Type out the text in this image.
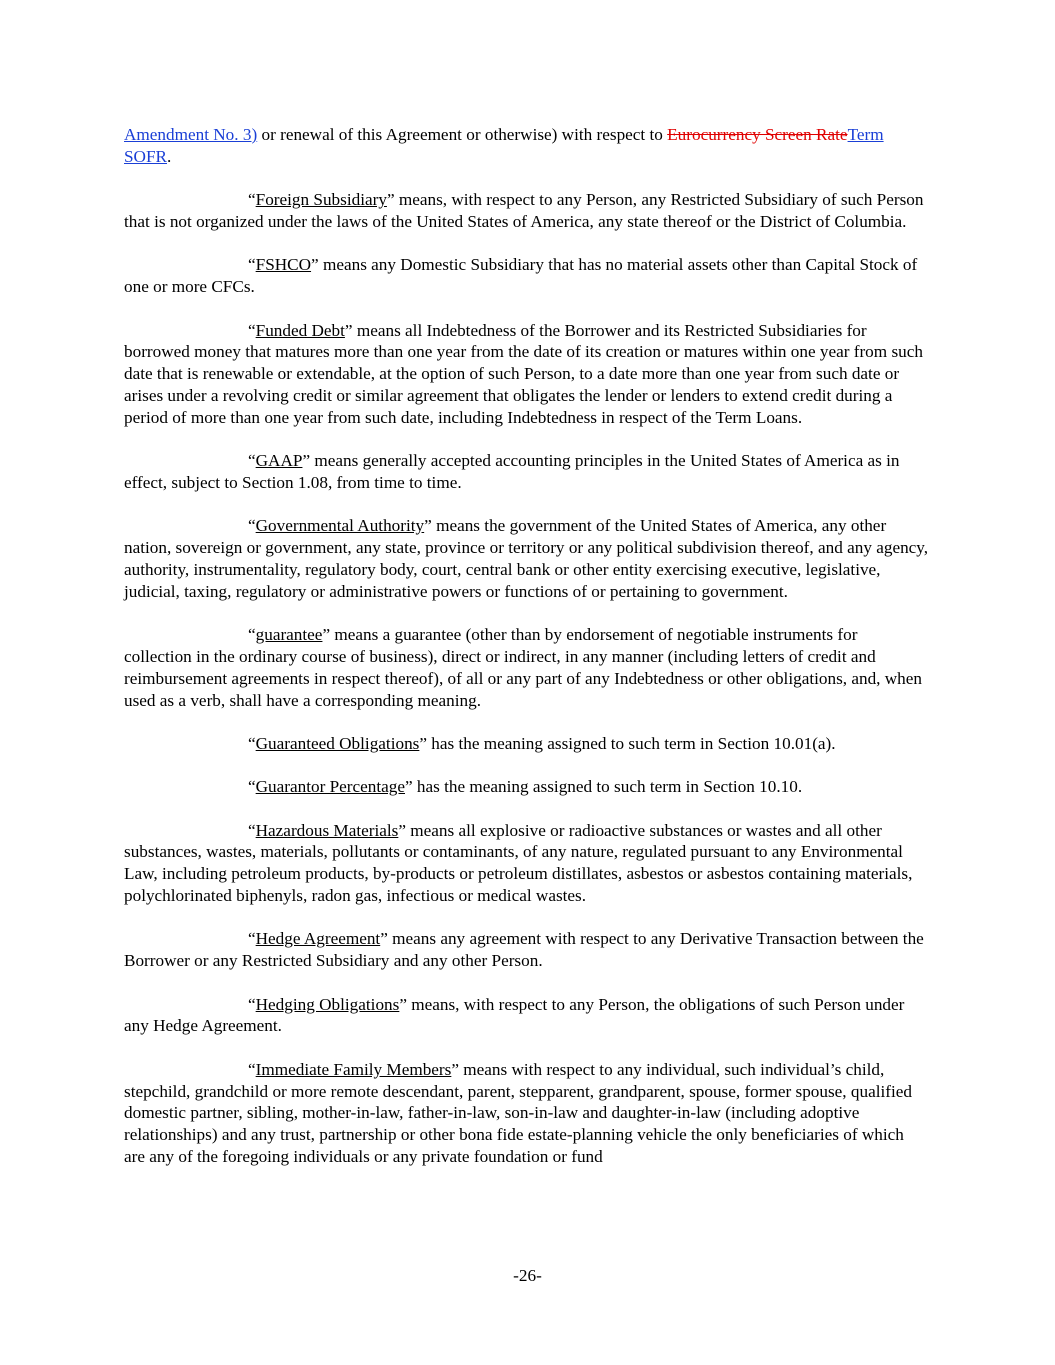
Amendment No. 3) or renewal of this Agreement or otherwise) with respect to Eurocurrency Screen RateTerm SOFR.

“Foreign Subsidiary” means, with respect to any Person, any Restricted Subsidiary of such Person that is not organized under the laws of the United States of America, any state thereof or the District of Columbia.

“FSHCO” means any Domestic Subsidiary that has no material assets other than Capital Stock of one or more CFCs.

“Funded Debt” means all Indebtedness of the Borrower and its Restricted Subsidiaries for borrowed money that matures more than one year from the date of its creation or matures within one year from such date that is renewable or extendable, at the option of such Person, to a date more than one year from such date or arises under a revolving credit or similar agreement that obligates the lender or lenders to extend credit during a period of more than one year from such date, including Indebtedness in respect of the Term Loans.

“GAAP” means generally accepted accounting principles in the United States of America as in effect, subject to Section 1.08, from time to time.

“Governmental Authority” means the government of the United States of America, any other nation, sovereign or government, any state, province or territory or any political subdivision thereof, and any agency, authority, instrumentality, regulatory body, court, central bank or other entity exercising executive, legislative, judicial, taxing, regulatory or administrative powers or functions of or pertaining to government.

“guarantee” means a guarantee (other than by endorsement of negotiable instruments for collection in the ordinary course of business), direct or indirect, in any manner (including letters of credit and reimbursement agreements in respect thereof), of all or any part of any Indebtedness or other obligations, and, when used as a verb, shall have a corresponding meaning.

“Guaranteed Obligations” has the meaning assigned to such term in Section 10.01(a).

“Guarantor Percentage” has the meaning assigned to such term in Section 10.10.

“Hazardous Materials” means all explosive or radioactive substances or wastes and all other substances, wastes, materials, pollutants or contaminants, of any nature, regulated pursuant to any Environmental Law, including petroleum products, by-products or petroleum distillates, asbestos or asbestos containing materials, polychlorinated biphenyls, radon gas, infectious or medical wastes.

“Hedge Agreement” means any agreement with respect to any Derivative Transaction between the Borrower or any Restricted Subsidiary and any other Person.

“Hedging Obligations” means, with respect to any Person, the obligations of such Person under any Hedge Agreement.

“Immediate Family Members” means with respect to any individual, such individual’s child, stepchild, grandchild or more remote descendant, parent, stepparent, grandparent, spouse, former spouse, qualified domestic partner, sibling, mother-in-law, father-in-law, son-in-law and daughter-in-law (including adoptive relationships) and any trust, partnership or other bona fide estate-planning vehicle the only beneficiaries of which are any of the foregoing individuals or any private foundation or fund

-26-
